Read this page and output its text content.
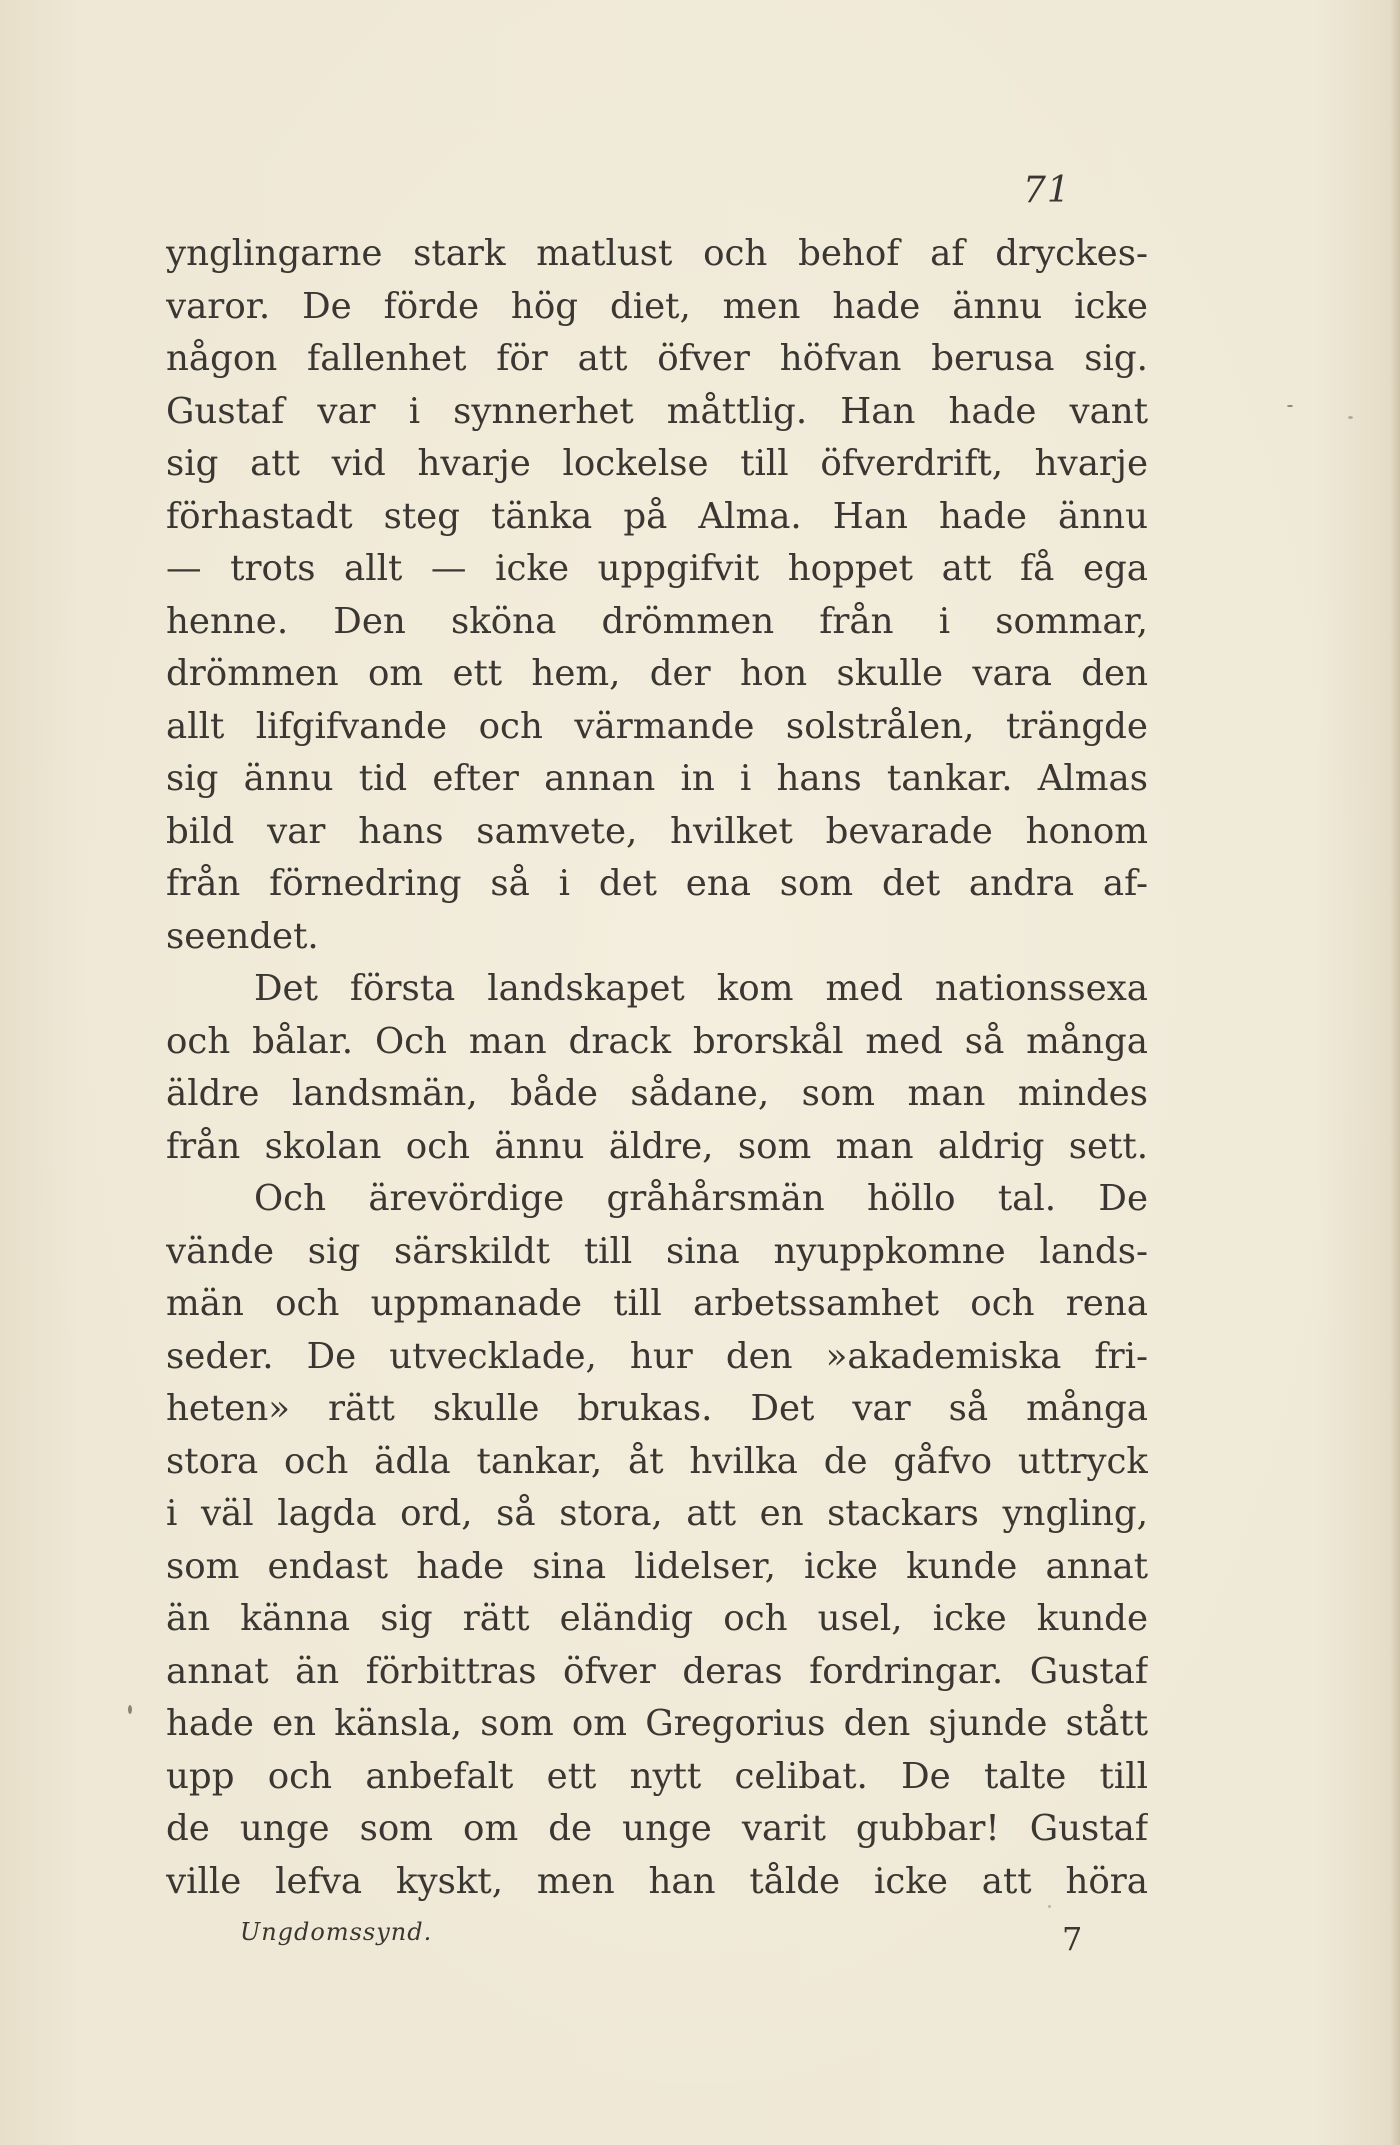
71
ynglingarne stark matlust och behof af dryckes-
varor. De förde hög diet, men hade ännu icke
någon fallenhet för att öfver höfvan berusa sig.
Gustaf var i synnerhet måttlig. Han hade vant
sig att vid hvarje lockelse till öfverdrift, hvarje
förhastadt steg tänka på Alma. Han hade ännu
— trots allt — icke uppgifvit hoppet att få ega
henne. Den sköna drömmen från i sommar,
drömmen om ett hem, der hon skulle vara den
allt lifgifvande och värmande solstrålen, trängde
sig ännu tid efter annan in i hans tankar. Almas
bild var hans samvete, hvilket bevarade honom
från förnedring så i det ena som det andra af-
seendet.
Det första landskapet kom med nationssexa
och bålar. Och man drack brorskål med så många
äldre landsmän, både sådane, som man mindes
från skolan och ännu äldre, som man aldrig sett.
Och ärevördige gråhårsmän höllo tal. De
vände sig särskildt till sina nyuppkomne lands-
män och uppmanade till arbetssamhet och rena
seder. De utvecklade, hur den »akademiska fri-
heten» rätt skulle brukas. Det var så många
stora och ädla tankar, åt hvilka de gåfvo uttryck
i väl lagda ord, så stora, att en stackars yngling,
som endast hade sina lidelser, icke kunde annat
än känna sig rätt eländig och usel, icke kunde
annat än förbittras öfver deras fordringar. Gustaf
hade en känsla, som om Gregorius den sjunde stått
upp och anbefalt ett nytt celibat. De talte till
de unge som om de unge varit gubbar! Gustaf
ville lefva kyskt, men han tålde icke att höra
Ungdomssynd.	7
